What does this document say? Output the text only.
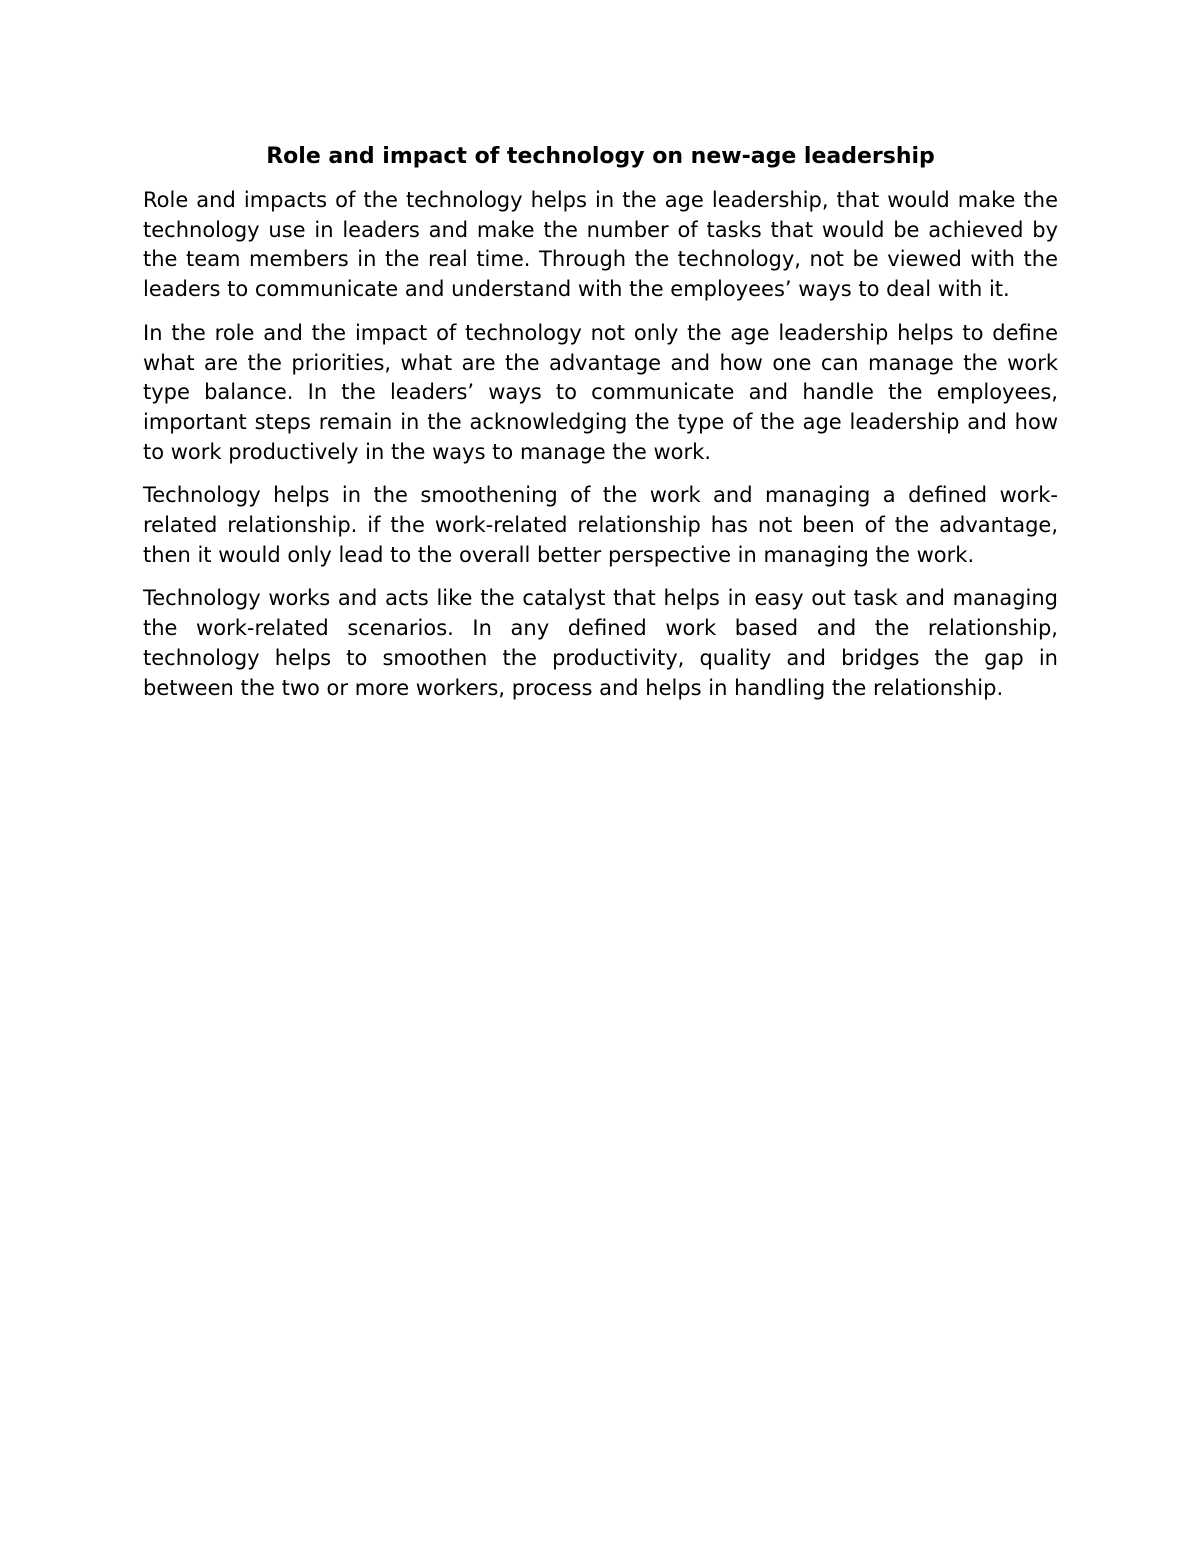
Role and impact of technology on new-age leadership

Role and impacts of the technology helps in the age leadership, that would make the technology use in leaders and make the number of tasks that would be achieved by the team members in the real time. Through the technology, not be viewed with the leaders to communicate and understand with the employees’ ways to deal with it.

In the role and the impact of technology not only the age leadership helps to define what are the priorities, what are the advantage and how one can manage the work type balance. In the leaders’ ways to communicate and handle the employees, important steps remain in the acknowledging the type of the age leadership and how to work productively in the ways to manage the work.

Technology helps in the smoothening of the work and managing a defined work-related relationship. if the work-related relationship has not been of the advantage, then it would only lead to the overall better perspective in managing the work.

Technology works and acts like the catalyst that helps in easy out task and managing the work-related scenarios. In any defined work based and the relationship, technology helps to smoothen the productivity, quality and bridges the gap in between the two or more workers, process and helps in handling the relationship.
